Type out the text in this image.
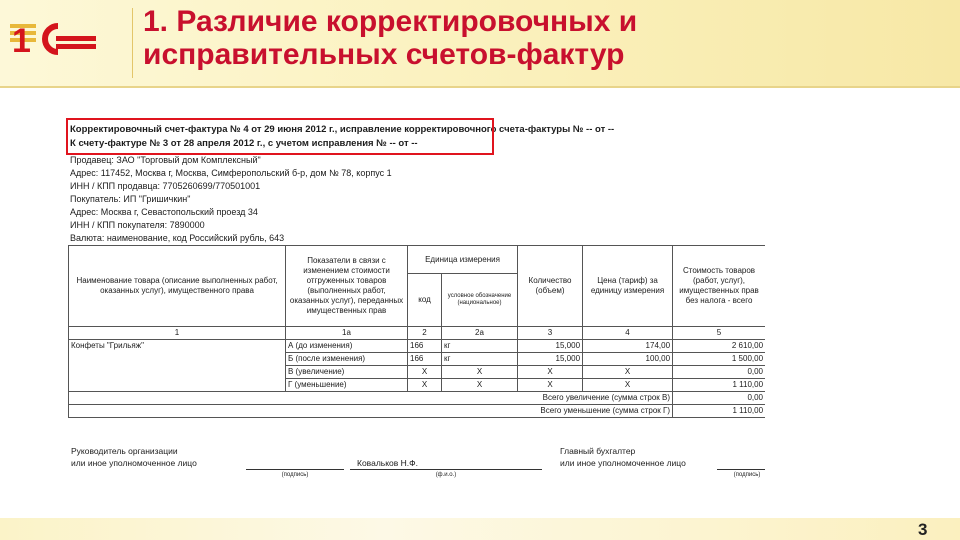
1
1. Различие корректировочных и
исправительных счетов-фактур
Корректировочный счет-фактура № 4 от 29 июня 2012 г., исправление корректировочного счета-фактуры № -- от --
К счету-фактуре № 3 от 28 апреля 2012 г., с учетом исправления № -- от --
Продавец: ЗАО "Торговый дом Комплексный"
Адрес: 117452, Москва г, Москва, Симферопольский б-р, дом № 78, корпус 1
ИНН / КПП продавца: 7705260699/770501001
Покупатель: ИП "Гришичкин"
Адрес: Москва г, Севастопольский проезд 34
ИНН / КПП покупателя: 7890000
Валюта: наименование, код Российский рубль, 643
Наименование товара (описание выполненных работ, оказанных услуг), имущественного права	Показатели в связи с изменением стоимости отгруженных товаров (выполненных работ, оказанных услуг), переданных имущественных прав	Единица измерения		Количество (объем)	Цена (тариф) за единицу измерения	Стоимость товаров (работ, услуг), имущественных прав без налога - всего
		код	условное обозначение (национальное)			
1	1а	2	2а	3	4	5
Конфеты "Грильяж"	А (до изменения)	166	кг	15,000	174,00	2 610,00
	Б (после изменения)	166	кг	15,000	100,00	1 500,00
	В (увеличение)	Х	Х	Х	Х	0,00
	Г (уменьшение)	Х	Х	Х	Х	1 110,00
Всего увеличение (сумма строк В)						0,00
Всего уменьшение (сумма строк Г)						1 110,00
Руководитель организации
или иное уполномоченное лицо
(подпись)
Ковальков Н.Ф.
(ф.и.о.)
Главный бухгалтер
или иное уполномоченное лицо
(подпись)
3
